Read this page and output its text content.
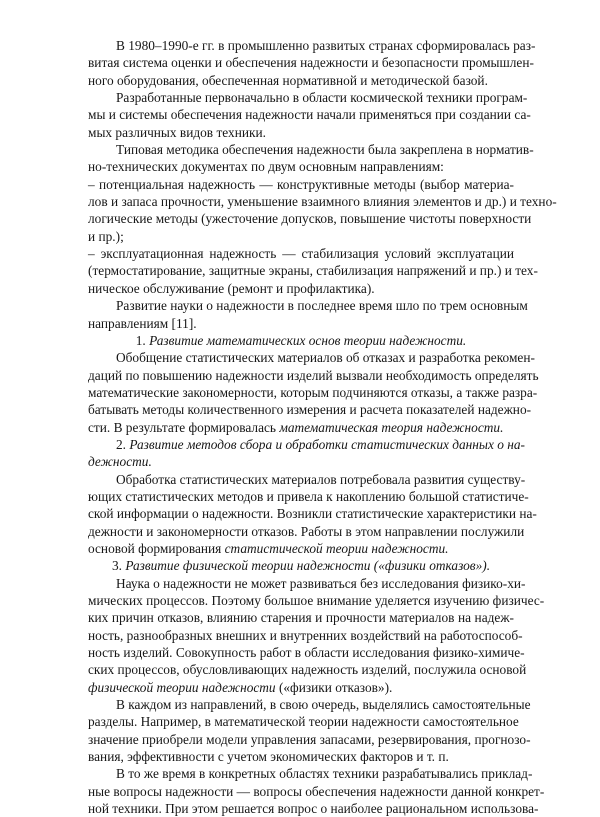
В 1980–1990-е гг. в промышленно развитых странах сформировалась раз-
витая система оценки и обеспечения надежности и безопасности промышлен-
ного оборудования, обеспеченная нормативной и методической базой.
Разработанные первоначально в области космической техники програм-
мы и системы обеспечения надежности начали применяться при создании са-
мых различных видов техники.
Типовая методика обеспечения надежности была закреплена в норматив-
но-технических документах по двум основным направлениям:
– потенциальная надежность — конструктивные методы (выбор материа-
лов и запаса прочности, уменьшение взаимного влияния элементов и др.) и техно-
логические методы (ужесточение допусков, повышение чистоты поверхности
и пр.);
– эксплуатационная надежность — стабилизация условий эксплуатации
(термостатирование, защитные экраны, стабилизация напряжений и пр.) и тех-
ническое обслуживание (ремонт и профилактика).
Развитие науки о надежности в последнее время шло по трем основным
направлениям [11].
1. Развитие математических основ теории надежности.
Обобщение статистических материалов об отказах и разработка рекомен-
даций по повышению надежности изделий вызвали необходимость определять
математические закономерности, которым подчиняются отказы, а также разра-
батывать методы количественного измерения и расчета показателей надежно-
сти. В результате формировалась математическая теория надежности.
2. Развитие методов сбора и обработки статистических данных о на-
дежности.
Обработка статистических материалов потребовала развития существу-
ющих статистических методов и привела к накоплению большой статистиче-
ской информации о надежности. Возникли статистические характеристики на-
дежности и закономерности отказов. Работы в этом направлении послужили
основой формирования статистической теории надежности.
3. Развитие физической теории надежности («физики отказов»).
Наука о надежности не может развиваться без исследования физико-хи-
мических процессов. Поэтому большое внимание уделяется изучению физичес-
ких причин отказов, влиянию старения и прочности материалов на надеж-
ность, разнообразных внешних и внутренних воздействий на работоспособ-
ность изделий. Совокупность работ в области исследования физико-химиче-
ских процессов, обусловливающих надежность изделий, послужила основой
физической теории надежности («физики отказов»).
В каждом из направлений, в свою очередь, выделялись самостоятельные
разделы. Например, в математической теории надежности самостоятельное
значение приобрели модели управления запасами, резервирования, прогнозо-
вания, эффективности с учетом экономических факторов и т. п.
В то же время в конкретных областях техники разрабатывались приклад-
ные вопросы надежности — вопросы обеспечения надежности данной конкрет-
ной техники. При этом решается вопрос о наиболее рациональном использова-
